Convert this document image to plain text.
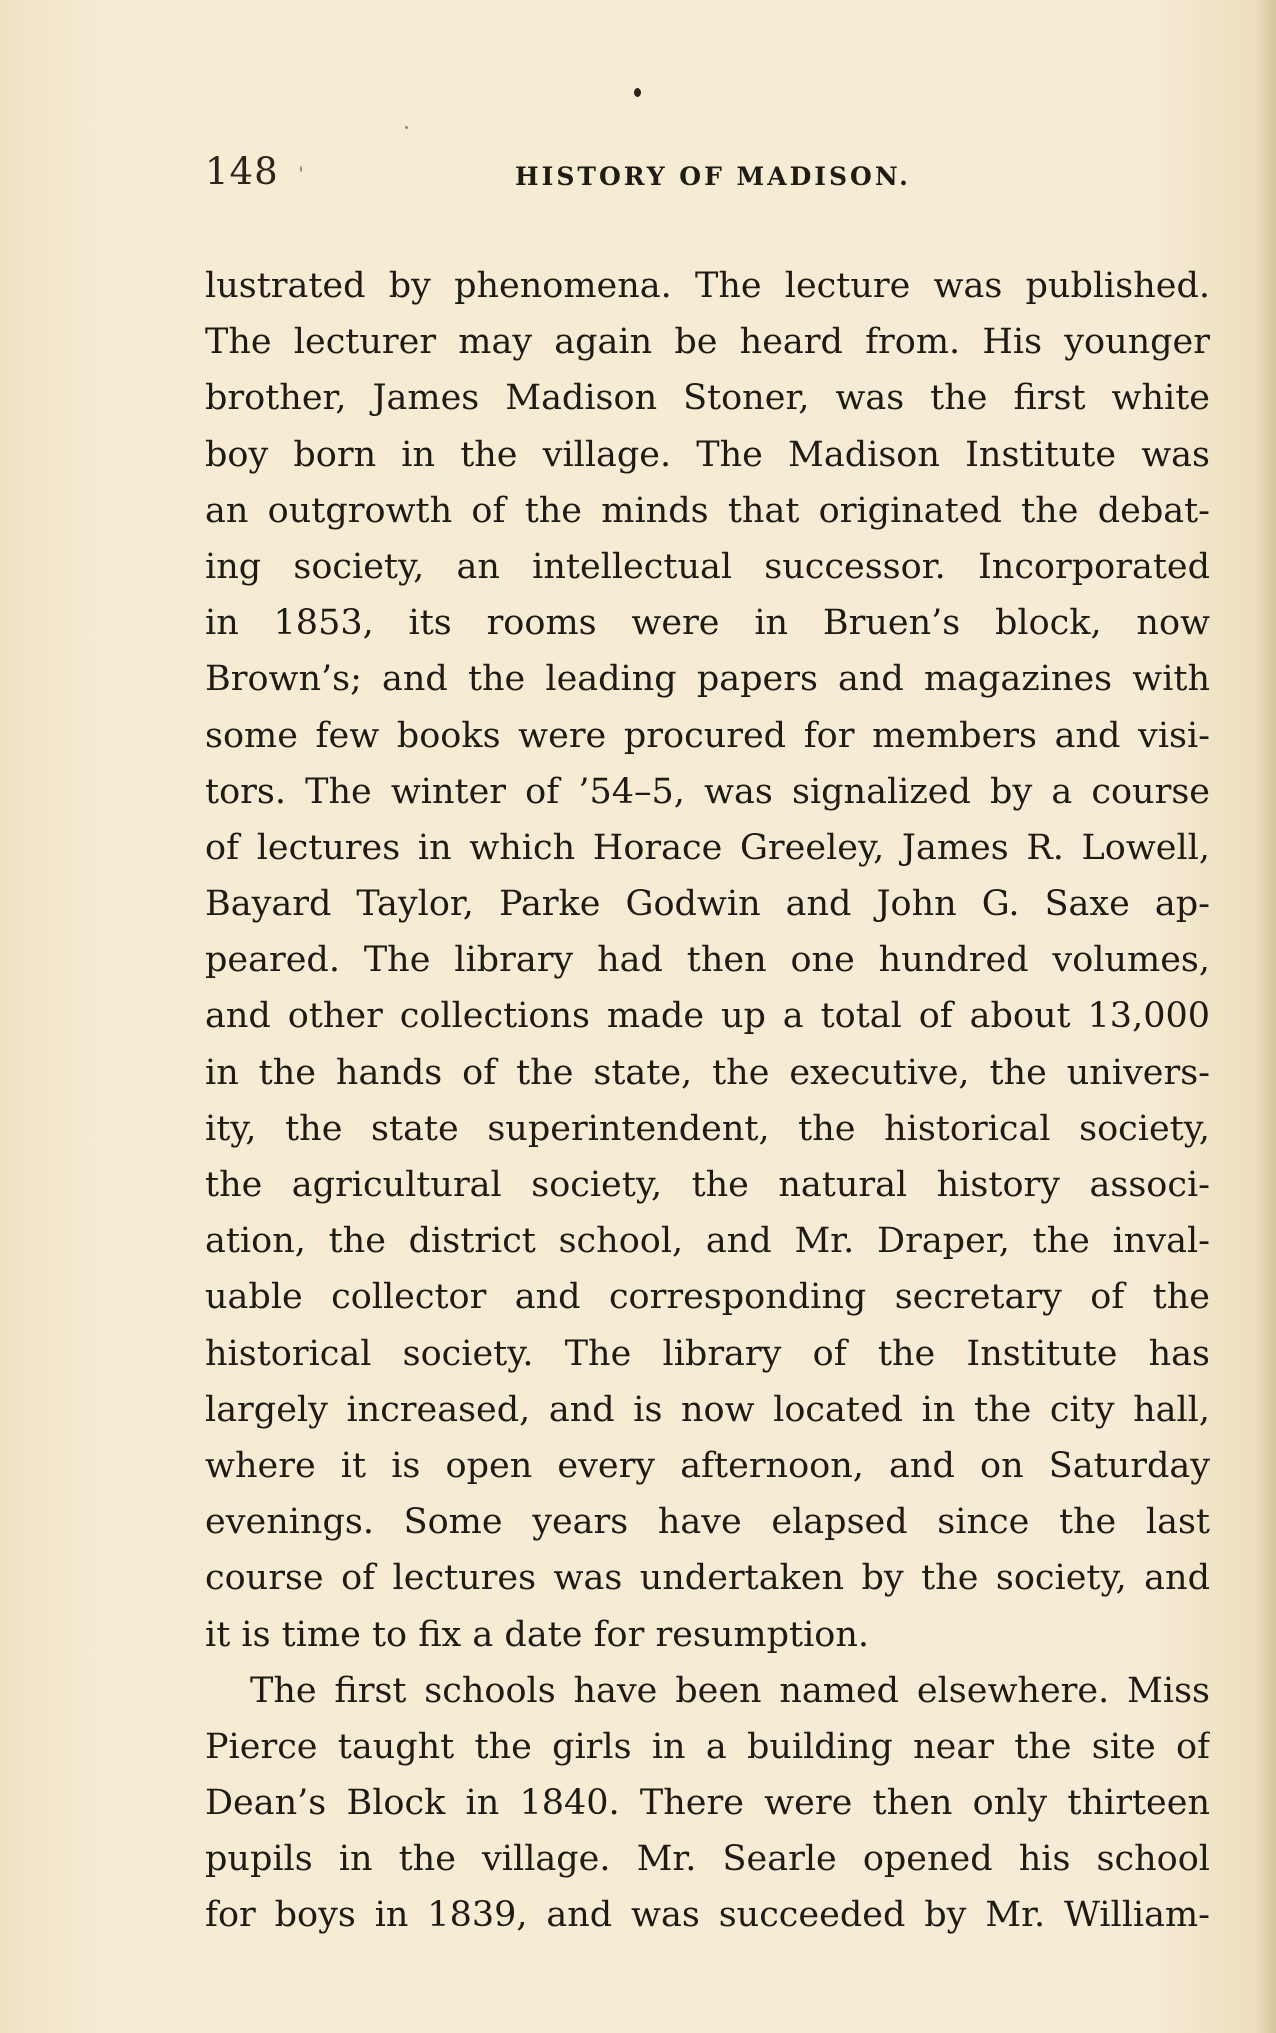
148	HISTORY OF MADISON.
lustrated by phenomena. The lecture was published.
The lecturer may again be heard from. His younger
brother, James Madison Stoner, was the first white
boy born in the village. The Madison Institute was
an outgrowth of the minds that originated the debat-
ing society, an intellectual successor. Incorporated
in 1853, its rooms were in Bruen’s block, now
Brown’s; and the leading papers and magazines with
some few books were procured for members and visi-
tors. The winter of ’54–5, was signalized by a course
of lectures in which Horace Greeley, James R. Lowell,
Bayard Taylor, Parke Godwin and John G. Saxe ap-
peared. The library had then one hundred volumes,
and other collections made up a total of about 13,000
in the hands of the state, the executive, the univers-
ity, the state superintendent, the historical society,
the agricultural society, the natural history associ-
ation, the district school, and Mr. Draper, the inval-
uable collector and corresponding secretary of the
historical society. The library of the Institute has
largely increased, and is now located in the city hall,
where it is open every afternoon, and on Saturday
evenings. Some years have elapsed since the last
course of lectures was undertaken by the society, and
it is time to fix a date for resumption.
The first schools have been named elsewhere. Miss
Pierce taught the girls in a building near the site of
Dean’s Block in 1840. There were then only thirteen
pupils in the village. Mr. Searle opened his school
for boys in 1839, and was succeeded by Mr. William-
